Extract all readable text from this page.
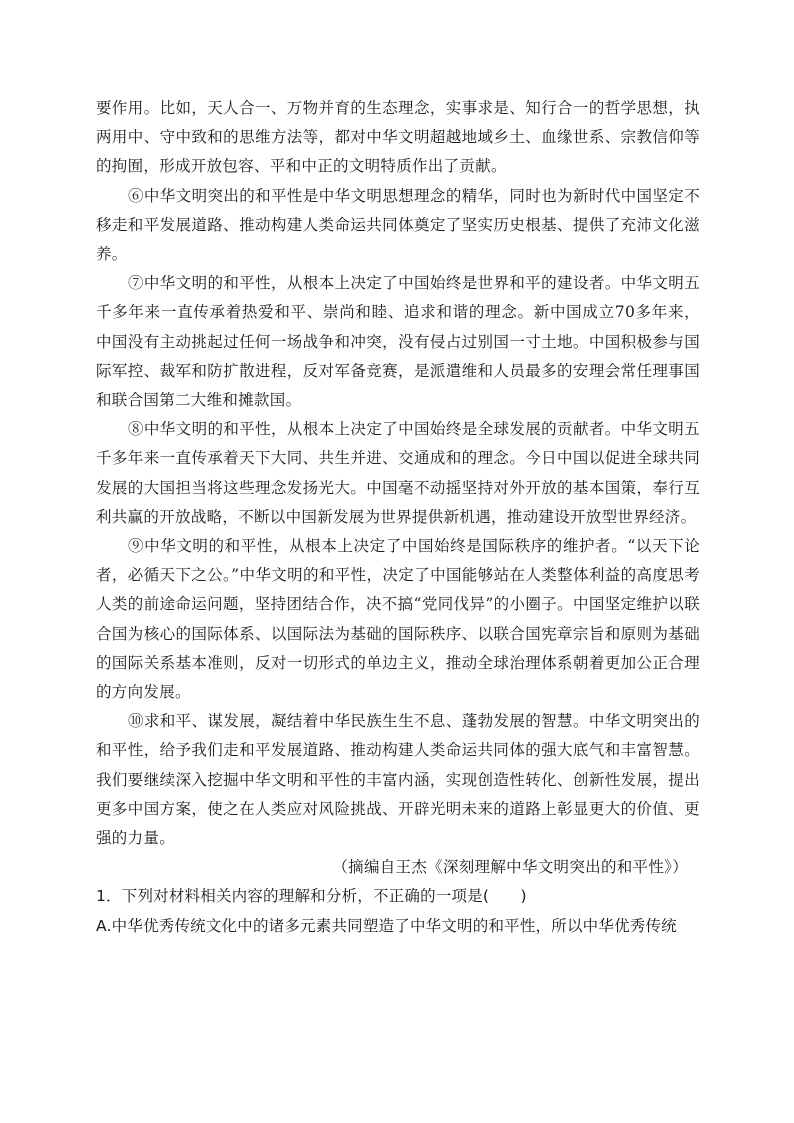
要作用。比如，天人合一、万物并育的生态理念，实事求是、知行合一的哲学思想，执两用中、守中致和的思维方法等，都对中华文明超越地域乡土、血缘世系、宗教信仰等的拘囿，形成开放包容、平和中正的文明特质作出了贡献。

⑥中华文明突出的和平性是中华文明思想理念的精华，同时也为新时代中国坚定不移走和平发展道路、推动构建人类命运共同体奠定了坚实历史根基、提供了充沛文化滋养。

⑦中华文明的和平性，从根本上决定了中国始终是世界和平的建设者。中华文明五千多年来一直传承着热爱和平、崇尚和睦、追求和谐的理念。新中国成立70多年来，中国没有主动挑起过任何一场战争和冲突，没有侵占过别国一寸土地。中国积极参与国际军控、裁军和防扩散进程，反对军备竞赛，是派遣维和人员最多的安理会常任理事国和联合国第二大维和摊款国。

⑧中华文明的和平性，从根本上决定了中国始终是全球发展的贡献者。中华文明五千多年来一直传承着天下大同、共生并进、交通成和的理念。今日中国以促进全球共同发展的大国担当将这些理念发扬光大。中国毫不动摇坚持对外开放的基本国策，奉行互利共赢的开放战略，不断以中国新发展为世界提供新机遇，推动建设开放型世界经济。

⑨中华文明的和平性，从根本上决定了中国始终是国际秩序的维护者。“以天下论者，必循天下之公。”中华文明的和平性，决定了中国能够站在人类整体利益的高度思考人类的前途命运问题，坚持团结合作，决不搞“党同伐异”的小圈子。中国坚定维护以联合国为核心的国际体系、以国际法为基础的国际秩序、以联合国宪章宗旨和原则为基础的国际关系基本准则，反对一切形式的单边主义，推动全球治理体系朝着更加公正合理的方向发展。

⑩求和平、谋发展，凝结着中华民族生生不息、蓬勃发展的智慧。中华文明突出的和平性，给予我们走和平发展道路、推动构建人类命运共同体的强大底气和丰富智慧。我们要继续深入挖掘中华文明和平性的丰富内涵，实现创造性转化、创新性发展，提出更多中国方案，使之在人类应对风险挑战、开辟光明未来的道路上彰显更大的价值、更强的力量。

（摘编自王杰《深刻理解中华文明突出的和平性》）

1．下列对材料相关内容的理解和分析，不正确的一项是(　　)

A.中华优秀传统文化中的诸多元素共同塑造了中华文明的和平性，所以中华优秀传统
